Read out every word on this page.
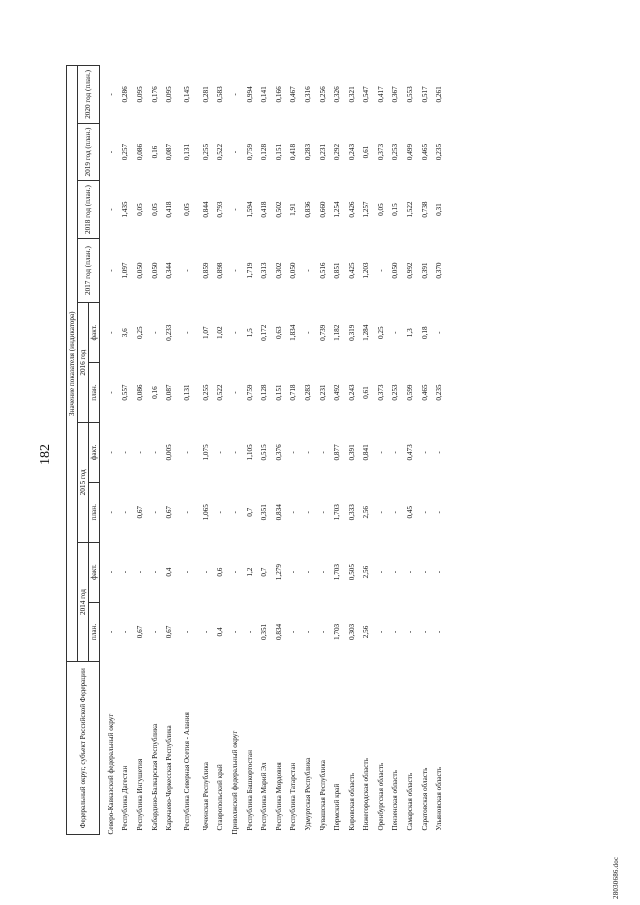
182
Федеральный округ, субъект Российской Федерации	Значение показателя (индикатора)									
	2014 год		2015 год		2016 год		2017 год (план.)	2018 год (план.)	2019 год (план.)	2020 год (план.)
	план.	факт.	план.	факт.	план.	факт.				
Северо-Кавказский федеральный округ	-	-	-	-	-	-	-	-	-	-
Республика Дагестан	-	-	-	-	0,557	3,6	1,097	1,435	0,257	0,286
Республика Ингушетия	0,67	-	0,67	-	0,086	0,25	0,050	0,05	0,086	0,095
Кабардино-Балкарская Республика	-	-	-	-	0,16	-	0,050	0,05	0,16	0,176
Карачаево-Черкесская Республика	0,67	0,4	0,67	0,005	0,087	0,233	0,344	0,418	0,087	0,095
Республика Северная Осетия - Алания	-	-	-	-	0,131	-	-	0,05	0,131	0,145
Чеченская Республика	-	-	1,065	1,075	0,255	1,07	0,859	0,844	0,255	0,281
Ставропольский край	0,4	0,6	-	-	0,522	1,02	0,898	0,793	0,522	0,583
Приволжский федеральный округ	-	-	-	-	-	-	-	-	-	-
Республика Башкортостан	-	1,2	0,7	1,105	0,759	1,5	1,719	1,594	0,759	0,994
Республика Марий Эл	0,351	0,7	0,351	0,515	0,128	0,172	0,313	0,418	0,128	0,141
Республика Мордовия	0,834	1,279	0,834	0,376	0,151	0,63	0,302	0,502	0,151	0,166
Республика Татарстан	-	-	-	-	0,718	1,834	0,050	1,91	0,418	0,467
Удмуртская Республика	-	-	-	-	0,283	-	-	0,836	0,283	0,316
Чувашская Республика	-	-	-	-	0,231	0,739	0,516	0,660	0,231	0,256
Пермский край	1,703	1,703	1,703	0,877	0,492	1,182	0,851	1,254	0,292	0,326
Кировская область	0,303	0,505	0,333	0,391	0,243	0,319	0,425	0,426	0,243	0,321
Нижегородская область	2,56	2,56	2,56	0,841	0,61	1,284	1,203	1,257	0,61	0,547
Оренбургская область	-	-	-	-	0,373	0,25	-	0,05	0,373	0,417
Пензенская область	-	-	-	-	0,253	-	0,050	0,15	0,253	0,367
Самарская область	-	-	0,45	0,473	0,599	1,3	0,992	1,522	0,499	0,553
Саратовская область	-	-	-	-	0,465	0,18	0,391	0,738	0,465	0,517
Ульяновская область	-	-	-	-	0,235	-	0,370	0,31	0,235	0,261
28030686.doc
